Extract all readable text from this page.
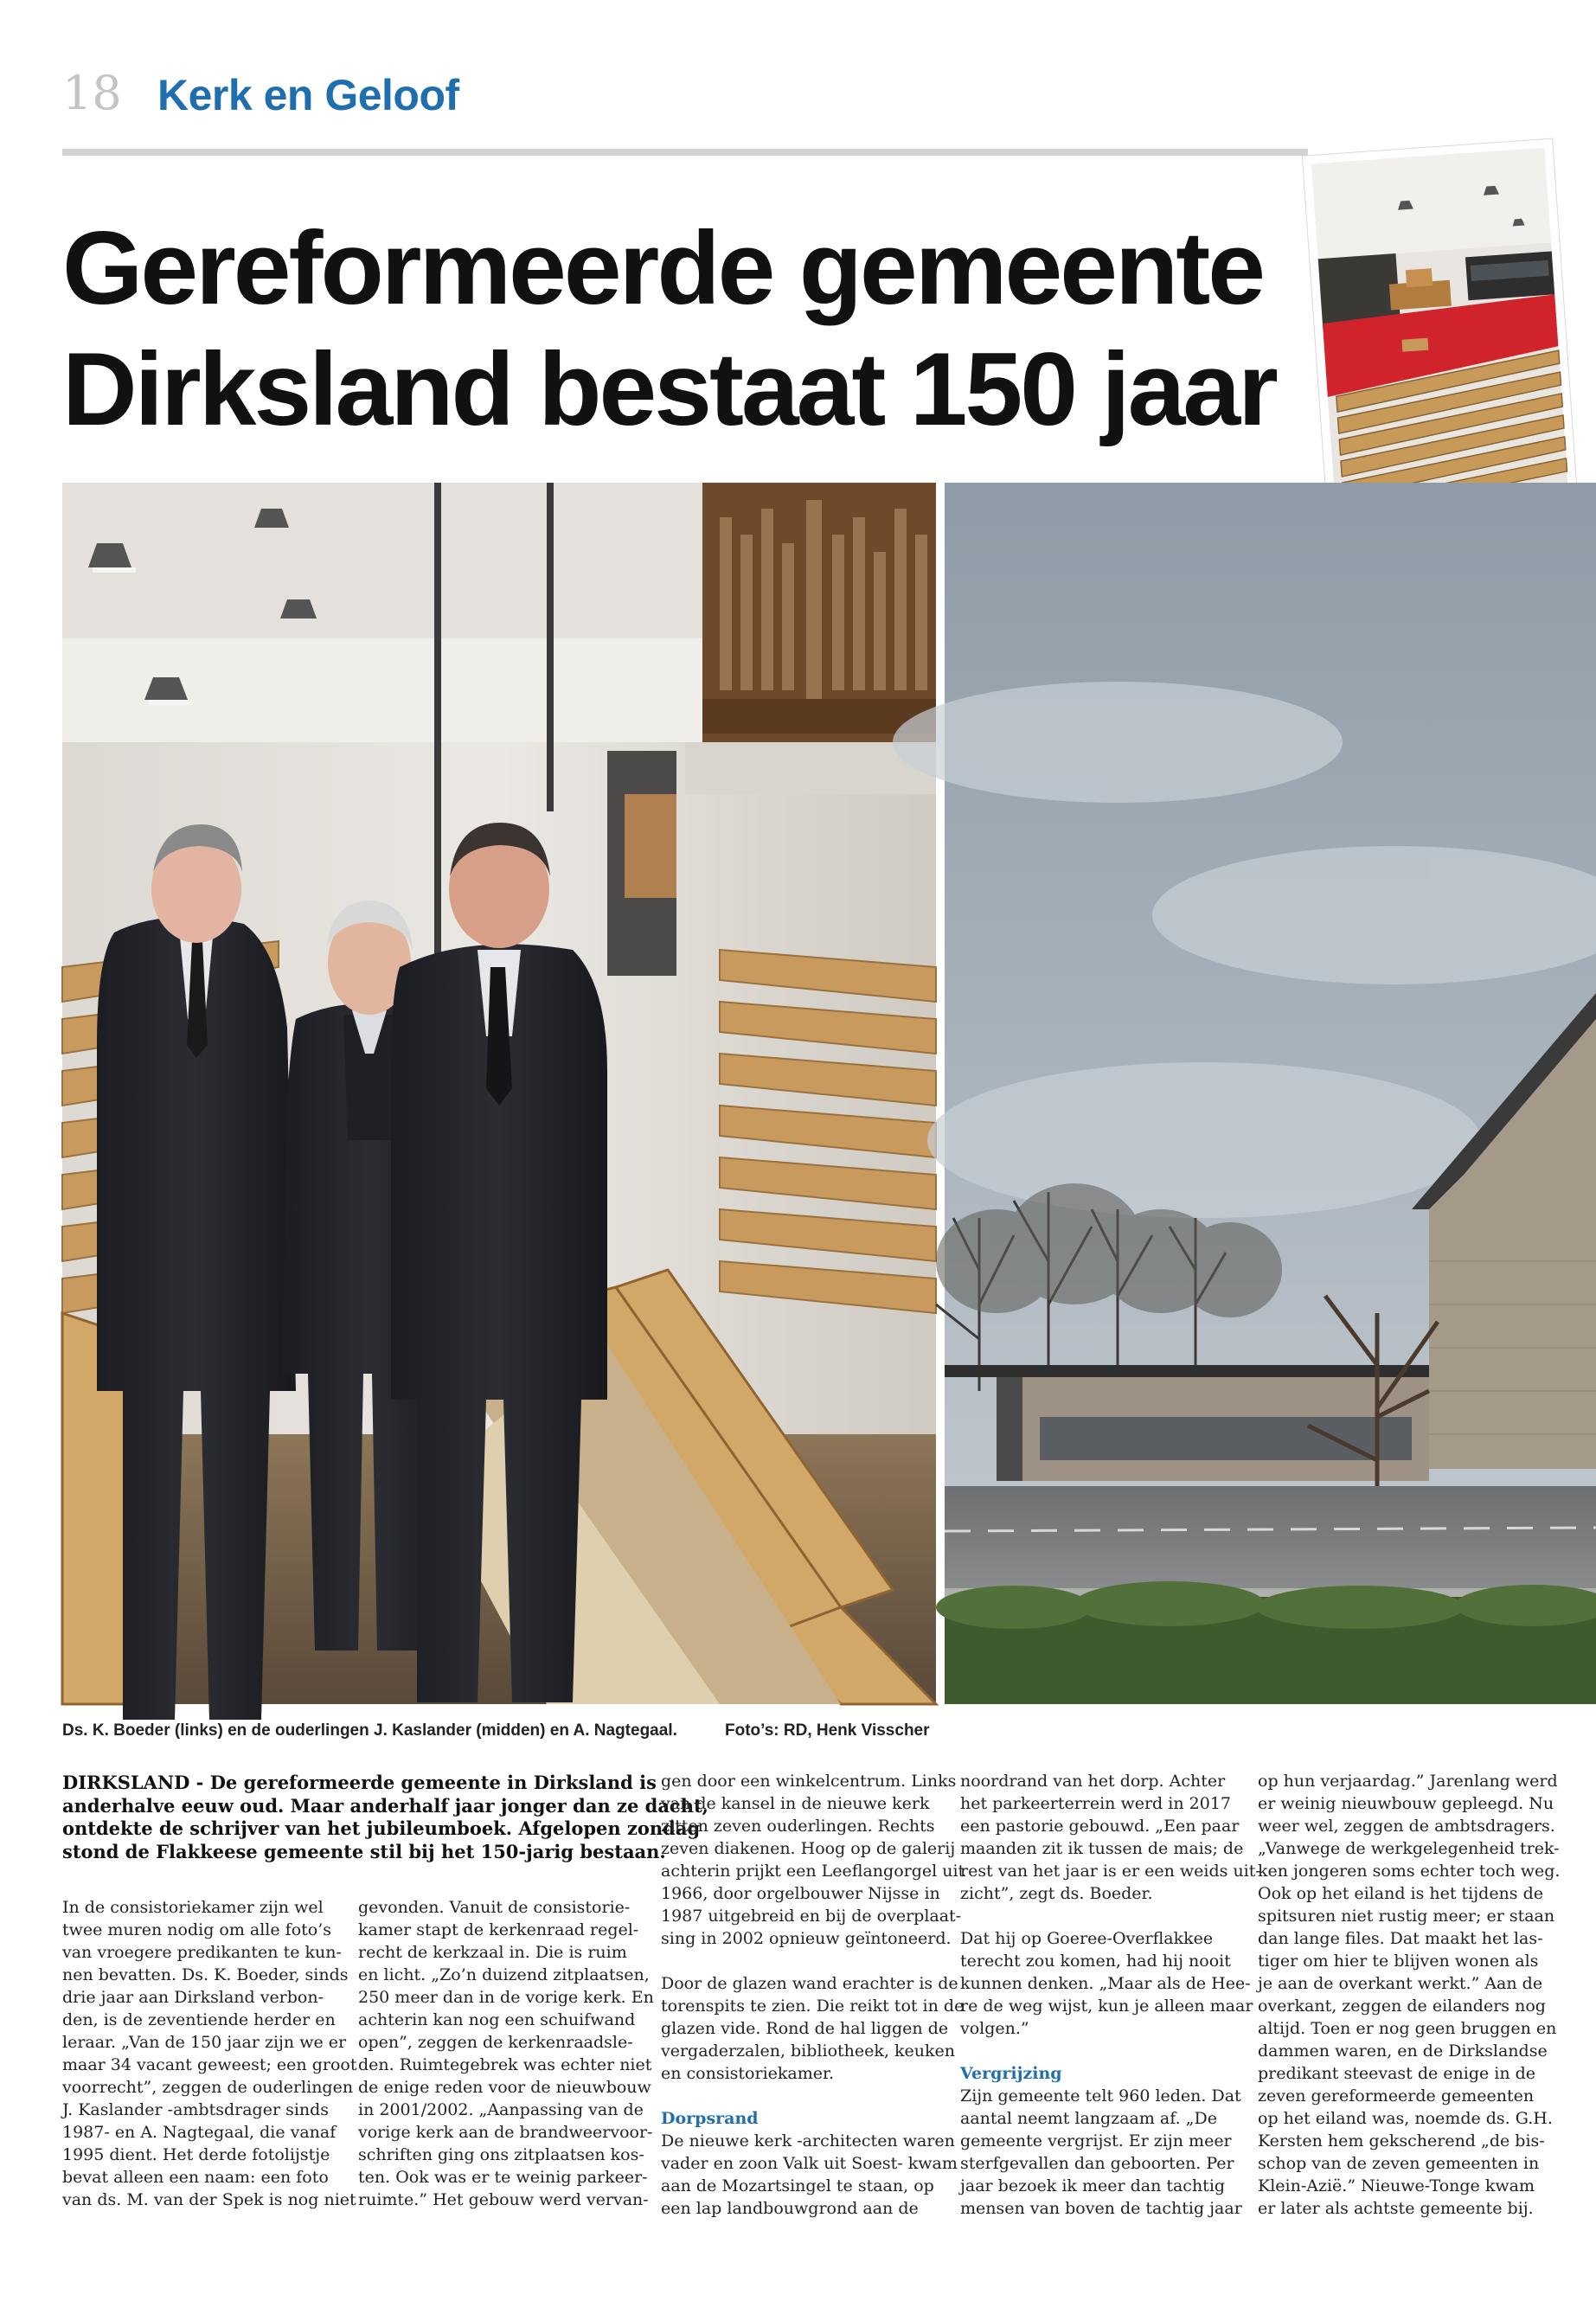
18 Kerk en Geloof
Gereformeerde gemeente
Dirksland bestaat 150 jaar
Ds. K. Boeder (links) en de ouderlingen J. Kaslander (midden) en A. Nagtegaal.	Foto’s: RD, Henk Visscher
DIRKSLAND - De gereformeerde gemeente in Dirksland is
anderhalve eeuw oud. Maar anderhalf jaar jonger dan ze dacht,
ontdekte de schrijver van het jubileumboek. Afgelopen zondag
stond de Flakkeese gemeente stil bij het 150-jarig bestaan.
In de consistoriekamer zijn wel
twee muren nodig om alle foto’s
van vroegere predikanten te kun-
nen bevatten. Ds. K. Boeder, sinds
drie jaar aan Dirksland verbon-
den, is de zeventiende herder en
leraar. „Van de 150 jaar zijn we er
maar 34 vacant geweest; een groot
voorrecht”, zeggen de ouderlingen
J. Kaslander -ambtsdrager sinds
1987- en A. Nagtegaal, die vanaf
1995 dient. Het derde fotolijstje
bevat alleen een naam: een foto
van ds. M. van der Spek is nog niet
gevonden. Vanuit de consistorie-
kamer stapt de kerkenraad regel-
recht de kerkzaal in. Die is ruim
en licht. „Zo’n duizend zitplaatsen,
250 meer dan in de vorige kerk. En
achterin kan nog een schuifwand
open”, zeggen de kerkenraadsle-
den. Ruimtegebrek was echter niet
de enige reden voor de nieuwbouw
in 2001/2002. „Aanpassing van de
vorige kerk aan de brandweervoor-
schriften ging ons zitplaatsen kos-
ten. Ook was er te weinig parkeer-
ruimte.” Het gebouw werd vervan-
gen door een winkelcentrum. Links
van de kansel in de nieuwe kerk
zitten zeven ouderlingen. Rechts
zeven diakenen. Hoog op de galerij
achterin prijkt een Leeflangorgel uit
1966, door orgelbouwer Nijsse in
1987 uitgebreid en bij de overplaat-
sing in 2002 opnieuw geïntoneerd.
Door de glazen wand erachter is de
torenspits te zien. Die reikt tot in de
glazen vide. Rond de hal liggen de
vergaderzalen, bibliotheek, keuken
en consistoriekamer.
Dorpsrand
De nieuwe kerk -architecten waren
vader en zoon Valk uit Soest- kwam
aan de Mozartsingel te staan, op
een lap landbouwgrond aan de
noordrand van het dorp. Achter
het parkeerterrein werd in 2017
een pastorie gebouwd. „Een paar
maanden zit ik tussen de mais; de
rest van het jaar is er een weids uit-
zicht”, zegt ds. Boeder.
Dat hij op Goeree-Overflakkee
terecht zou komen, had hij nooit
kunnen denken. „Maar als de Hee-
re de weg wijst, kun je alleen maar
volgen.”
Vergrijzing
Zijn gemeente telt 960 leden. Dat
aantal neemt langzaam af. „De
gemeente vergrijst. Er zijn meer
sterfgevallen dan geboorten. Per
jaar bezoek ik meer dan tachtig
mensen van boven de tachtig jaar
op hun verjaardag.” Jarenlang werd
er weinig nieuwbouw gepleegd. Nu
weer wel, zeggen de ambtsdragers.
„Vanwege de werkgelegenheid trek-
ken jongeren soms echter toch weg.
Ook op het eiland is het tijdens de
spitsuren niet rustig meer; er staan
dan lange files. Dat maakt het las-
tiger om hier te blijven wonen als
je aan de overkant werkt.” Aan de
overkant, zeggen de eilanders nog
altijd. Toen er nog geen bruggen en
dammen waren, en de Dirkslandse
predikant steevast de enige in de
zeven gereformeerde gemeenten
op het eiland was, noemde ds. G.H.
Kersten hem gekscherend „de bis-
schop van de zeven gemeenten in
Klein-Azië.” Nieuwe-Tonge kwam
er later als achtste gemeente bij.
